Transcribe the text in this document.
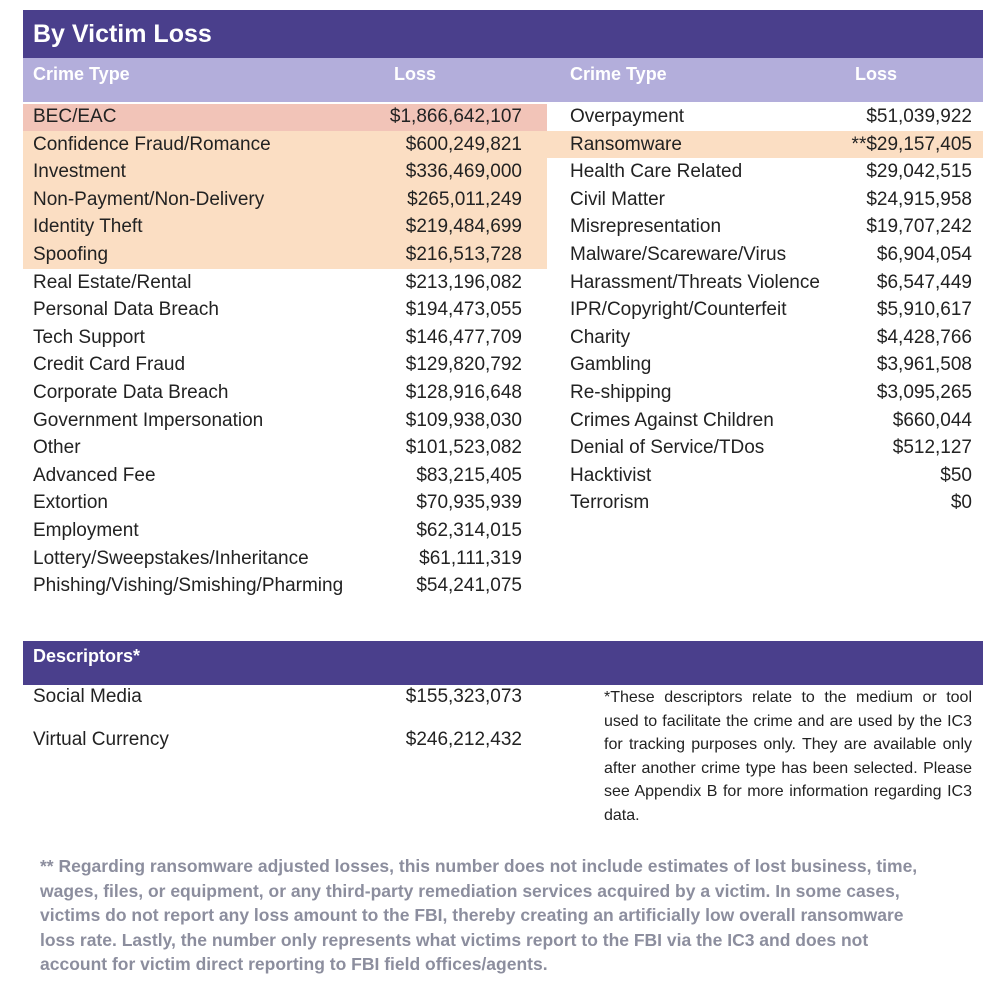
By Victim Loss
Crime Type	Loss	Crime Type	Loss
BEC/EAC	$1,866,642,107
Confidence Fraud/Romance	$600,249,821
Investment	$336,469,000
Non-Payment/Non-Delivery	$265,011,249
Identity Theft	$219,484,699
Spoofing	$216,513,728
Real Estate/Rental	$213,196,082
Personal Data Breach	$194,473,055
Tech Support	$146,477,709
Credit Card Fraud	$129,820,792
Corporate Data Breach	$128,916,648
Government Impersonation	$109,938,030
Other	$101,523,082
Advanced Fee	$83,215,405
Extortion	$70,935,939
Employment	$62,314,015
Lottery/Sweepstakes/Inheritance	$61,111,319
Phishing/Vishing/Smishing/Pharming	$54,241,075
Overpayment	$51,039,922
Ransomware	**$29,157,405
Health Care Related	$29,042,515
Civil Matter	$24,915,958
Misrepresentation	$19,707,242
Malware/Scareware/Virus	$6,904,054
Harassment/Threats Violence	$6,547,449
IPR/Copyright/Counterfeit	$5,910,617
Charity	$4,428,766
Gambling	$3,961,508
Re-shipping	$3,095,265
Crimes Against Children	$660,044
Denial of Service/TDos	$512,127
Hacktivist	$50
Terrorism	$0
Descriptors*
Social Media	$155,323,073
Virtual Currency	$246,212,432
*These descriptors relate to the medium or tool used to facilitate the crime and are used by the IC3 for tracking purposes only. They are available only after another crime type has been selected. Please see Appendix B for more information regarding IC3 data.
** Regarding ransomware adjusted losses, this number does not include estimates of lost business, time, wages, files, or equipment, or any third-party remediation services acquired by a victim. In some cases, victims do not report any loss amount to the FBI, thereby creating an artificially low overall ransomware loss rate. Lastly, the number only represents what victims report to the FBI via the IC3 and does not account for victim direct reporting to FBI field offices/agents.
